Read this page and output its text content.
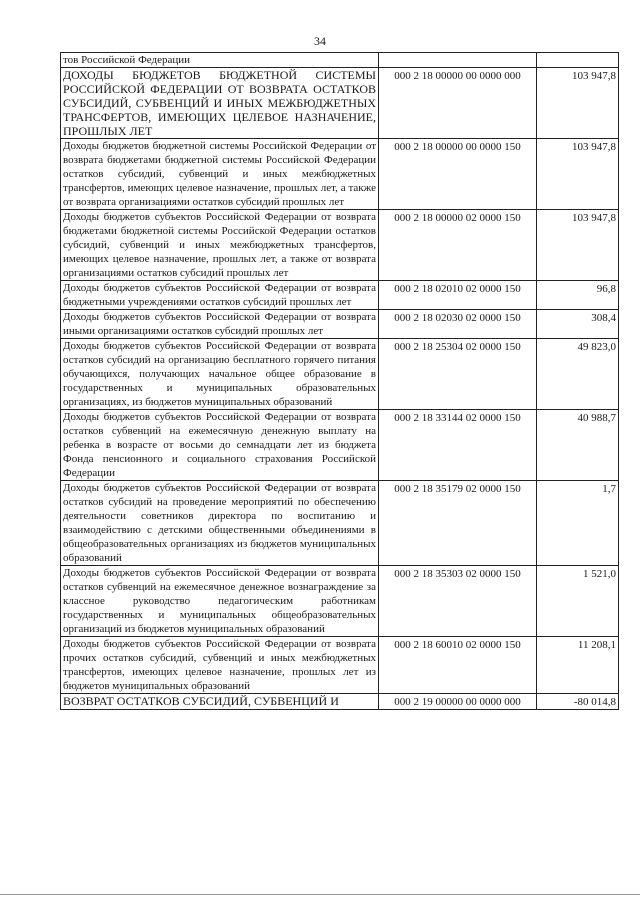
34
тов Российской Федерации			
ДОХОДЫ БЮДЖЕТОВ БЮДЖЕТНОЙ СИСТЕМЫ РОССИЙСКОЙ ФЕДЕРАЦИИ ОТ ВОЗВРАТА ОСТАТКОВ СУБСИДИЙ, СУБВЕНЦИЙ И ИНЫХ МЕЖБЮДЖЕТНЫХ ТРАНСФЕРТОВ, ИМЕЮЩИХ ЦЕЛЕВОЕ НАЗНАЧЕНИЕ, ПРОШЛЫХ ЛЕТ	000 2 18 00000 00 0000 000	103 947,8	
Доходы бюджетов бюджетной системы Российской Федерации от возврата бюджетами бюджетной системы Российской Федерации остатков субсидий, субвенций и иных межбюджетных трансфертов, имеющих целевое назначение, прошлых лет, а также от возврата организациями остатков субсидий прошлых лет	000 2 18 00000 00 0000 150	103 947,8	
Доходы бюджетов субъектов Российской Федерации от возврата бюджетами бюджетной системы Российской Федерации остатков субсидий, субвенций и иных межбюджетных трансфертов, имеющих целевое назначение, прошлых лет, а также от возврата организациями остатков субсидий прошлых лет	000 2 18 00000 02 0000 150	103 947,8	
Доходы бюджетов субъектов Российской Федерации от возврата бюджетными учреждениями остатков субсидий прошлых лет	000 2 18 02010 02 0000 150	96,8	
Доходы бюджетов субъектов Российской Федерации от возврата иными организациями остатков субсидий прошлых лет	000 2 18 02030 02 0000 150	308,4	
Доходы бюджетов субъектов Российской Федерации от возврата остатков субсидий на организацию бесплатного горячего питания обучающихся, получающих начальное общее образование в государственных и муниципальных образовательных организациях, из бюджетов муниципальных образований	000 2 18 25304 02 0000 150	49 823,0	
Доходы бюджетов субъектов Российской Федерации от возврата остатков субвенций на ежемесячную денежную выплату на ребенка в возрасте от восьми до семнадцати лет из бюджета Фонда пенсионного и социального страхования Российской Федерации	000 2 18 33144 02 0000 150	40 988,7	
Доходы бюджетов субъектов Российской Федерации от возврата остатков субсидий на проведение мероприятий по обеспечению деятельности советников директора по воспитанию и взаимодействию с детскими общественными объединениями в общеобразовательных организациях из бюджетов муниципальных образований	000 2 18 35179 02 0000 150	1,7	
Доходы бюджетов субъектов Российской Федерации от возврата остатков субвенций на ежемесячное денежное вознаграждение за классное руководство педагогическим работникам государственных и муниципальных общеобразовательных организаций из бюджетов муниципальных образований	000 2 18 35303 02 0000 150	1 521,0	
Доходы бюджетов субъектов Российской Федерации от возврата прочих остатков субсидий, субвенций и иных межбюджетных трансфертов, имеющих целевое назначение, прошлых лет из бюджетов муниципальных образований	000 2 18 60010 02 0000 150	11 208,1	
ВОЗВРАТ ОСТАТКОВ СУБСИДИЙ, СУБВЕНЦИЙ И	000 2 19 00000 00 0000 000	-80 014,8	
